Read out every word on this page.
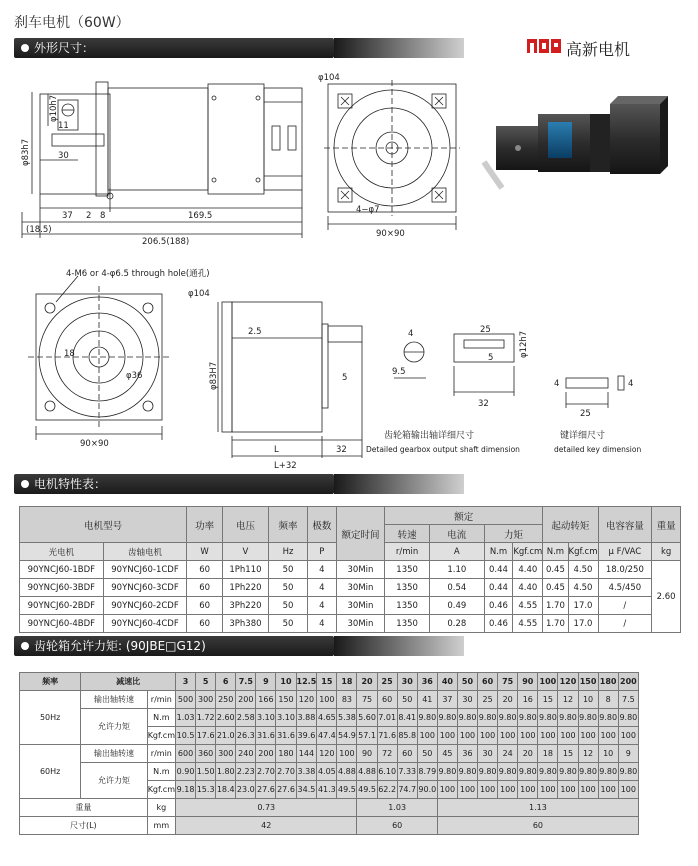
刹车电机（60W）
高新电机
外形尺寸：
φ10h7
φ83h7	30
11
37
(18.5)
2 8	169.5
206.5(188)
φ104
4−φ7
90×90
4-M6 or 4-φ6.5 through hole(通孔)
φ104
18
φ36
90×90
2.5
φ83H7	5
L
L+32
32
4
9.5
φ12h7
25
5
32
4	4
25
齿轮箱输出轴详细尺寸
Detailed gearbox output shaft dimension
键详细尺寸
detailed key dimension
电机特性表：
电机型号		功率	电压	频率	极数	额定时间	额定				起动转矩		电容容量	重量
							转速	电流	力矩					
光电机	齿轴电机	W	V	Hz	P		r/min	A	N.m	Kgf.cm	N.m	Kgf.cm	μ F/VAC	kg
90YNCJ60-1BDF	90YNCJ60-1CDF	60	1Ph110	50	4	30Min	1350	1.10	0.44	4.40	0.45	4.50	18.0/250	2.60
90YNCJ60-3BDF	90YNCJ60-3CDF	60	1Ph220	50	4	30Min	1350	0.54	0.44	4.40	0.45	4.50	4.5/450	
90YNCJ60-2BDF	90YNCJ60-2CDF	60	3Ph220	50	4	30Min	1350	0.49	0.46	4.55	1.70	17.0	/	
90YNCJ60-4BDF	90YNCJ60-4CDF	60	3Ph380	50	4	30Min	1350	0.28	0.46	4.55	1.70	17.0	/	
齿轮箱允许力矩: (90JBE□G12)
频率	减速比		3	5	6	7.5	9	10	12.5	15	18	20	25	30	36	40	50	60	75	90	100	120	150	180	200
50Hz	输出轴转速	r/min	500	300	250	200	166	150	120	100	83	75	60	50	41	37	30	25	20	16	15	12	10	8	7.5
	允许力矩	N.m	1.03	1.72	2.60	2.58	3.10	3.10	3.88	4.65	5.38	5.60	7.01	8.41	9.80	9.80	9.80	9.80	9.80	9.80	9.80	9.80	9.80	9.80	9.80
		Kgf.cm	10.5	17.6	21.0	26.3	31.6	31.6	39.6	47.4	54.9	57.1	71.6	85.8	100	100	100	100	100	100	100	100	100	100	100
60Hz	输出轴转速	r/min	600	360	300	240	200	180	144	120	100	90	72	60	50	45	36	30	24	20	18	15	12	10	9
	允许力矩	N.m	0.90	1.50	1.80	2.23	2.70	2.70	3.38	4.05	4.88	4.88	6.10	7.33	8.79	9.80	9.80	9.80	9.80	9.80	9.80	9.80	9.80	9.80	9.80
		Kgf.cm	9.18	15.3	18.4	23.0	27.6	27.6	34.5	41.3	49.5	49.5	62.2	74.7	90.0	100	100	100	100	100	100	100	100	100	100
重量		kg	0.73									1.03				1.13									
尺寸(L)		mm	42									60				60									
